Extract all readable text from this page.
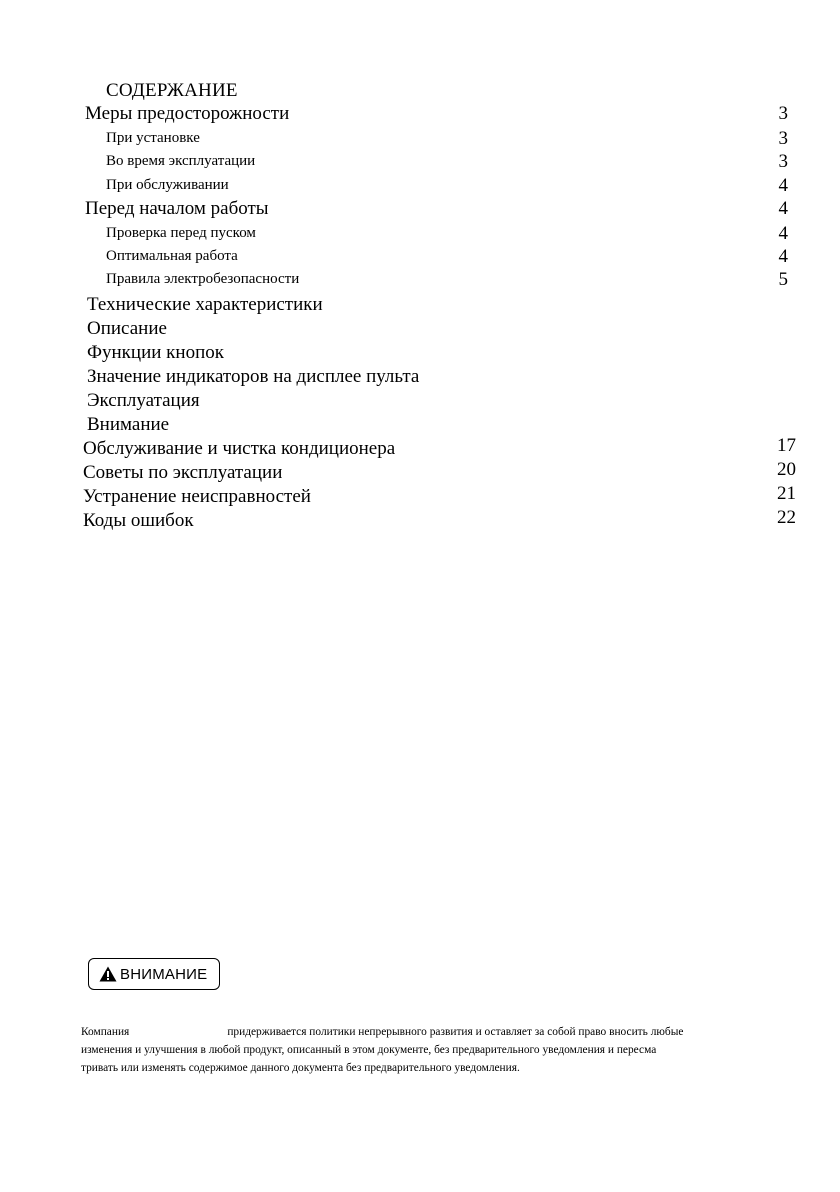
СОДЕРЖАНИЕ
Меры предосторожности	3
При установке	3
Во время эксплуатации	3
При обслуживании	4
Перед началом работы	4
Проверка перед пуском	4
Оптимальная работа	4
Правила электробезопасности	5
Технические характеристики
Описание
Функции кнопок
Значение индикаторов на дисплее пульта
Эксплуатация
Внимание
Обслуживание и чистка кондиционера	17
Советы по эксплуатации	20
Устранение неисправностей	21
Коды ошибок	22
ВНИМАНИЕ
Компания	придерживается политики непрерывного развития и оставляет за собой право вносить любые
изменения и улучшения в любой продукт, описанный в этом документе, без предварительного уведомления и пересма
тривать или изменять содержимое данного документа без предварительного уведомления.
